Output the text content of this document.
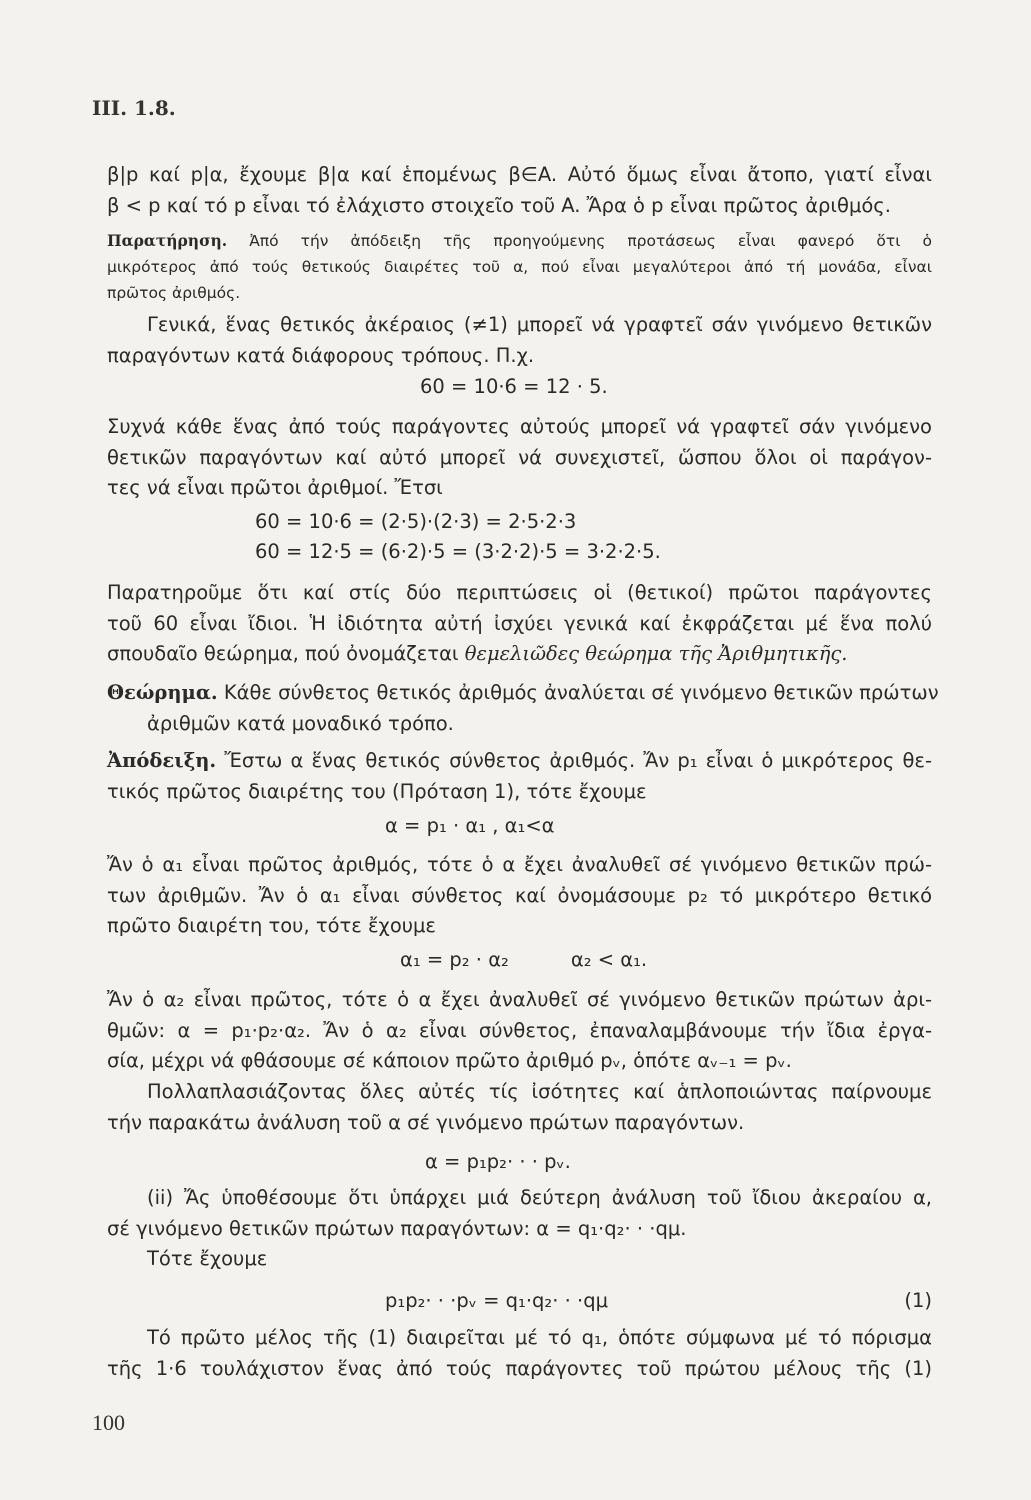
III. 1.8.
β|p καί p|α, ἔχουμε β|α καί ἑπομένως β∈A. Αὐτό ὅμως εἶναι ἄτοπο, γιατί εἶναι
β < p καί τό p εἶναι τό ἐλάχιστο στοιχεῖο τοῦ A. Ἄρα ὁ p εἶναι πρῶτος ἀριθμός.
Παρατήρηση. Ἀπό τήν ἀπόδειξη τῆς προηγούμενης προτάσεως εἶναι φανερό ὅτι ὁ
μικρότερος ἀπό τούς θετικούς διαιρέτες τοῦ α, πού εἶναι μεγαλύτεροι ἀπό τή μονάδα, εἶναι
πρῶτος ἀριθμός.
Γενικά, ἕνας θετικός ἀκέραιος (≠1) μπορεῖ νά γραφτεῖ σάν γινόμενο θετικῶν
παραγόντων κατά διάφορους τρόπους. Π.χ.
60 = 10·6 = 12 · 5.
Συχνά κάθε ἕνας ἀπό τούς παράγοντες αὐτούς μπορεῖ νά γραφτεῖ σάν γινόμενο
θετικῶν παραγόντων καί αὐτό μπορεῖ νά συνεχιστεῖ, ὥσπου ὅλοι οἱ παράγον-
τες νά εἶναι πρῶτοι ἀριθμοί. Ἔτσι
60 = 10·6 = (2·5)·(2·3) = 2·5·2·3
60 = 12·5 = (6·2)·5 = (3·2·2)·5 = 3·2·2·5.
Παρατηροῦμε ὅτι καί στίς δύο περιπτώσεις οἱ (θετικοί) πρῶτοι παράγοντες
τοῦ 60 εἶναι ἴδιοι. Ἡ ἰδιότητα αὐτή ἰσχύει γενικά καί ἐκφράζεται μέ ἕνα πολύ
σπουδαῖο θεώρημα, πού ὀνομάζεται θεμελιῶδες θεώρημα τῆς Ἀριθμητικῆς.
Θεώρημα. Κάθε σύνθετος θετικός ἀριθμός ἀναλύεται σέ γινόμενο θετικῶν πρώτων
ἀριθμῶν κατά μοναδικό τρόπο.
Ἀπόδειξη. Ἔστω α ἕνας θετικός σύνθετος ἀριθμός. Ἄν p₁ εἶναι ὁ μικρότερος θε-
τικός πρῶτος διαιρέτης του (Πρόταση 1), τότε ἔχουμε
α = p₁ · α₁ , α₁<α
Ἄν ὁ α₁ εἶναι πρῶτος ἀριθμός, τότε ὁ α ἔχει ἀναλυθεῖ σέ γινόμενο θετικῶν πρώ-
των ἀριθμῶν. Ἄν ὁ α₁ εἶναι σύνθετος καί ὀνομάσουμε p₂ τό μικρότερο θετικό
πρῶτο διαιρέτη του, τότε ἔχουμε
α₁ = p₂ · α₂          α₂ < α₁.
Ἄν ὁ α₂ εἶναι πρῶτος, τότε ὁ α ἔχει ἀναλυθεῖ σέ γινόμενο θετικῶν πρώτων ἀρι-
θμῶν: α = p₁·p₂·α₂. Ἄν ὁ α₂ εἶναι σύνθετος, ἐπαναλαμβάνουμε τήν ἴδια ἐργα-
σία, μέχρι νά φθάσουμε σέ κάποιον πρῶτο ἀριθμό pᵥ, ὁπότε αᵥ₋₁ = pᵥ.
Πολλαπλασιάζοντας ὅλες αὐτές τίς ἰσότητες καί ἁπλοποιώντας παίρνουμε
τήν παρακάτω ἀνάλυση τοῦ α σέ γινόμενο πρώτων παραγόντων.
α = p₁p₂· · · pᵥ.
(ii) Ἄς ὑποθέσουμε ὅτι ὑπάρχει μιά δεύτερη ἀνάλυση τοῦ ἴδιου ἀκεραίου α,
σέ γινόμενο θετικῶν πρώτων παραγόντων: α = q₁·q₂· · ·qμ.
Τότε ἔχουμε
p₁p₂· · ·pᵥ = q₁·q₂· · ·qμ	(1)
Τό πρῶτο μέλος τῆς (1) διαιρεῖται μέ τό q₁, ὁπότε σύμφωνα μέ τό πόρισμα
τῆς 1·6 τουλάχιστον ἕνας ἀπό τούς παράγοντες τοῦ πρώτου μέλους τῆς (1)
100
